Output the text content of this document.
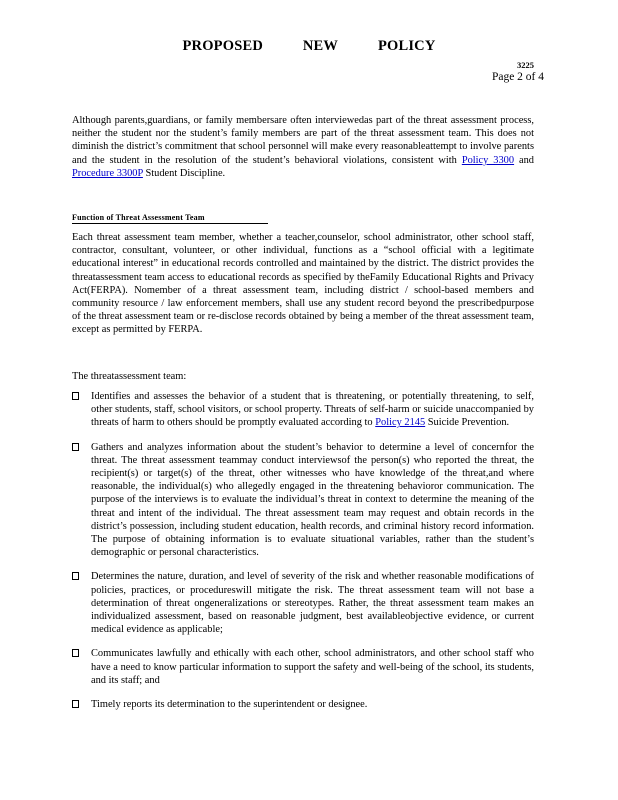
PROPOSED	NEW	POLICY
3225
Page 2 of 4
Although parents,guardians, or family membersare often interviewedas part of the threat assessment process, neither the student nor the student’s family members are part of the threat assessment team. This does not diminish the district’s commitment that school personnel will make every reasonableattempt to involve parents and the student in the resolution of the student’s behavioral violations, consistent with Policy 3300 and Procedure 3300P Student Discipline.
Function of Threat Assessment Team
Each threat assessment team member, whether a teacher,counselor, school administrator, other school staff, contractor, consultant, volunteer, or other individual, functions as a “school official with a legitimate educational interest” in educational records controlled and maintained by the district. The district provides the threatassessment team access to educational records as specified by theFamily Educational Rights and Privacy Act(FERPA). Nomember of a threat assessment team, including district / school-based members and community resource / law enforcement members, shall use any student record beyond the prescribedpurpose of the threat assessment team or re-disclose records obtained by being a member of the threat assessment team, except as permitted by FERPA.
The threatassessment team:
Identifies and assesses the behavior of a student that is threatening, or potentially threatening, to self, other students, staff, school visitors, or school property. Threats of self-harm or suicide unaccompanied by threats of harm to others should be promptly evaluated according to Policy 2145 Suicide Prevention.
Gathers and analyzes information about the student’s behavior to determine a level of concernfor the threat. The threat assessment teammay conduct interviewsof the person(s) who reported the threat, the recipient(s) or target(s) of the threat, other witnesses who have knowledge of the threat,and where reasonable, the individual(s) who allegedly engaged in the threatening behavioror communication. The purpose of the interviews is to evaluate the individual’s threat in context to determine the meaning of the threat and intent of the individual. The threat assessment team may request and obtain records in the district’s possession, including student education, health records, and criminal history record information. The purpose of obtaining information is to evaluate situational variables, rather than the student’s demographic or personal characteristics.
Determines the nature, duration, and level of severity of the risk and whether reasonable modifications of policies, practices, or procedureswill mitigate the risk. The threat assessment team will not base a determination of threat ongeneralizations or stereotypes. Rather, the threat assessment team makes an individualized assessment, based on reasonable judgment, best availableobjective evidence, or current medical evidence as applicable;
Communicates lawfully and ethically with each other, school administrators, and other school staff who have a need to know particular information to support the safety and well-being of the school, its students, and its staff; and
Timely reports its determination to the superintendent or designee.
